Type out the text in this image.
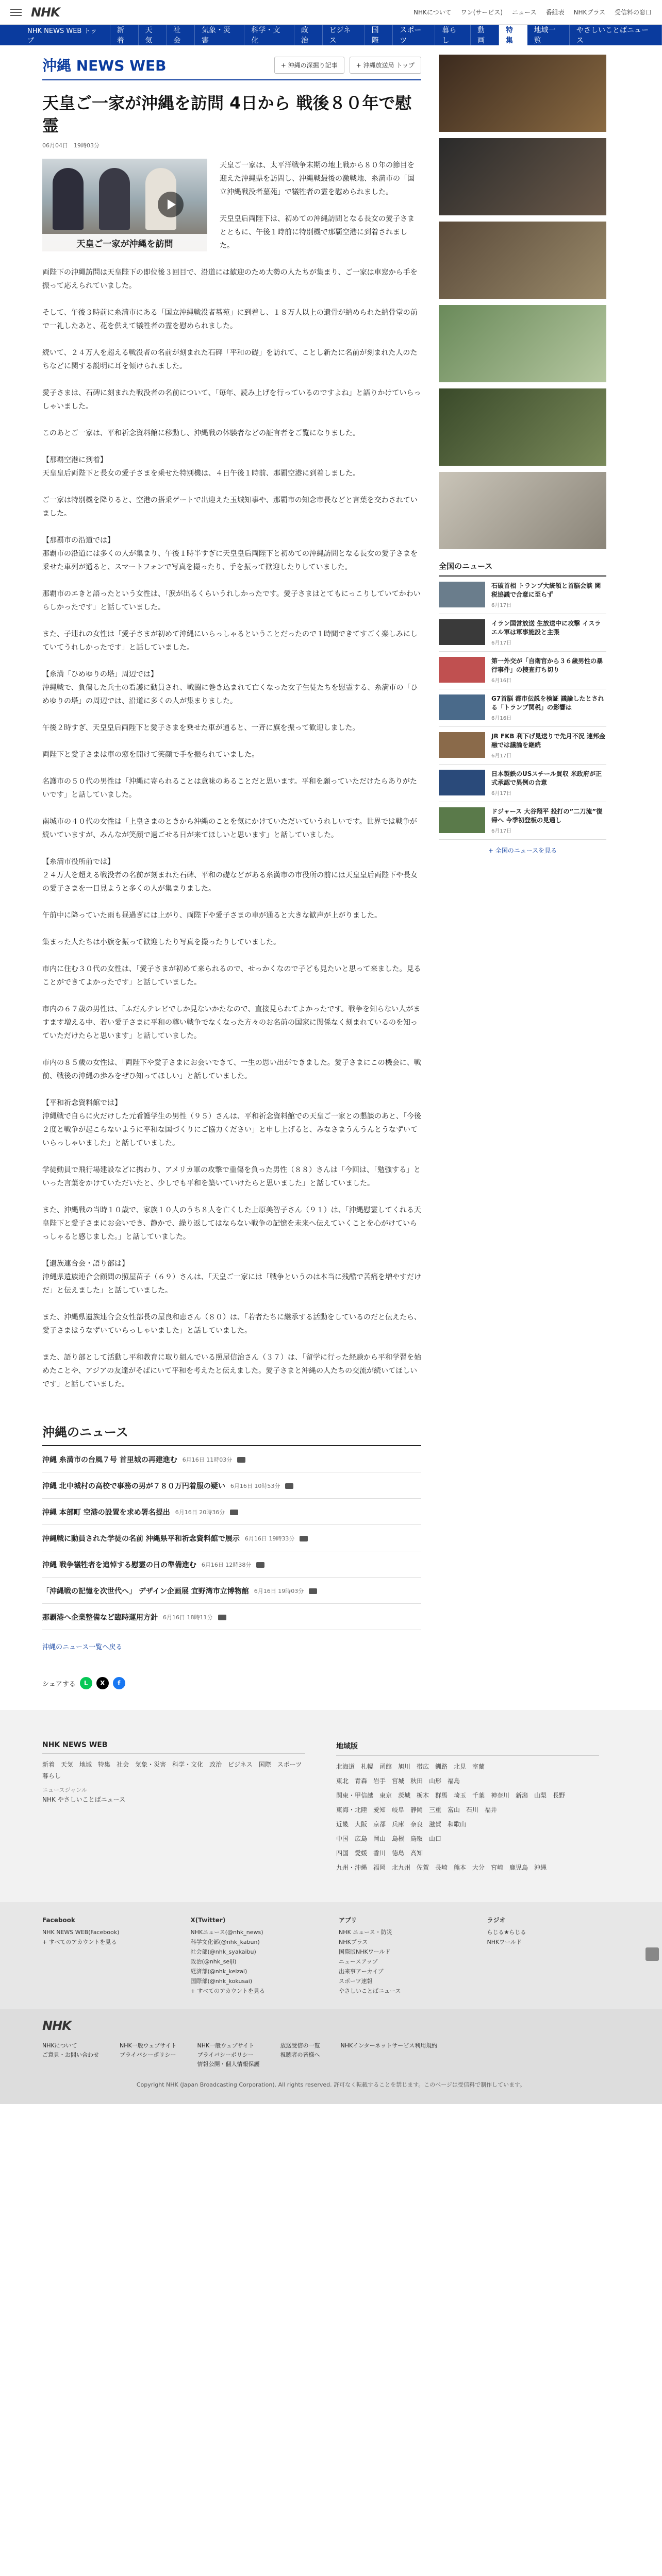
NHK	NHKについて ワン(サービス) ニュース 番組表 NHKプラス 受信料の窓口
NHK NEWS WEB トップ
新着
天気
社会
気象・災害
科学・文化
政治
ビジネス
国際
スポーツ
暮らし
動画
特集
地域一覧
やさしいことばニュース
沖縄 NEWS WEB	+ 沖縄の深掘り記事	+ 沖縄放送局 トップ
天皇ご一家が沖縄を訪問 4日から 戦後８０年で慰霊
06月04日　19時03分
天皇ご一家が沖縄を訪問

天皇ご一家は、太平洋戦争末期の地上戦から８０年の節目を迎えた沖縄県を訪問し、沖縄戦最後の激戦地、糸満市の「国立沖縄戦没者墓苑」で犠牲者の霊を慰められました。

天皇皇后両陛下は、初めての沖縄訪問となる長女の愛子さまとともに、午後１時前に特別機で那覇空港に到着されました。

両陛下の沖縄訪問は天皇陛下の即位後３回目で、沿道には歓迎のため大勢の人たちが集まり、ご一家は車窓から手を振って応えられていました。

そして、午後３時前に糸満市にある「国立沖縄戦没者墓苑」に到着し、１８万人以上の遺骨が納められた納骨堂の前で一礼したあと、花を供えて犠牲者の霊を慰められました。

続いて、２４万人を超える戦没者の名前が刻まれた石碑「平和の礎」を訪れて、ことし新たに名前が刻まれた人のたちなどに関する説明に耳を傾けられました。

愛子さまは、石碑に刻まれた戦没者の名前について、「毎年、読み上げを行っているのですよね」と語りかけていらっしゃいました。

このあとご一家は、平和祈念資料館に移動し、沖縄戦の体験者などの証言者をご覧になりました。

【那覇空港に到着】
天皇皇后両陛下と長女の愛子さまを乗せた特別機は、４日午後１時前、那覇空港に到着しました。

ご一家は特別機を降りると、空港の搭乗ゲートで出迎えた玉城知事や、那覇市の知念市長などと言葉を交わされていました。

【那覇市の沿道では】
那覇市の沿道には多くの人が集まり、午後１時半すぎに天皇皇后両陛下と初めての沖縄訪問となる長女の愛子さまを乗せた車列が通ると、スマートフォンで写真を撮ったり、手を振って歓迎したりしていました。

那覇市のエきと語ったという女性は、「涙が出るくらいうれしかったです。愛子さまはとてもにっこりしていてかわいらしかったです」と話していました。

また、子連れの女性は「愛子さまが初めて沖縄にいらっしゃるということだったので１時間できてすごく楽しみにしていてうれしかったです」と話していました。

【糸満「ひめゆりの塔」周辺では】
沖縄戦で、負傷した兵士の看護に動員され、戦闘に巻き込まれて亡くなった女子生徒たちを慰霊する、糸満市の「ひめゆりの塔」の周辺では、沿道に多くの人が集まりました。

午後２時すぎ、天皇皇后両陛下と愛子さまを乗せた車が通ると、一斉に旗を振って歓迎しました。

両陛下と愛子さまは車の窓を開けて笑顔で手を振られていました。

名護市の５０代の男性は「沖縄に寄られることは意味のあることだと思います。平和を願っていただけたらありがたいです」と話していました。

南城市の４０代の女性は「上皇さまのときから沖縄のことを気にかけていただいていうれしいです。世界では戦争が続いていますが、みんなが笑顔で過ごせる日が来てほしいと思います」と話していました。

【糸満市役所前では】
２４万人を超える戦没者の名前が刻まれた石碑、平和の礎などがある糸満市の市役所の前には天皇皇后両陛下や長女の愛子さまを一目見ようと多くの人が集まりました。

午前中に降っていた雨も昼過ぎには上がり、両陛下や愛子さまの車が通ると大きな歓声が上がりました。

集まった人たちは小旗を振って歓迎したり写真を撮ったりしていました。

市内に住む３０代の女性は、「愛子さまが初めて来られるので、せっかくなので子ども見たいと思って来ました。見ることができてよかったです」と話していました。

市内の６７歳の男性は、「ふだんテレビでしか見ないかたなので、直接見られてよかったです。戦争を知らない人がますます増える中、若い愛子さまに平和の尊い戦争でなくなった方々のお名前の国家に関係なく刻まれているのを知っていただけたらと思います」と話していました。

市内の８５歳の女性は、「両陛下や愛子さまにお会いできて、一生の思い出ができました。愛子さまにこの機会に、戦前、戦後の沖縄の歩みをぜひ知ってほしい」と話していました。

【平和祈念資料館では】
沖縄戦で自らに火だけした元看護学生の男性（９５）さんは、平和祈念資料館での天皇ご一家との懇談のあと、「今後２度と戦争が起こらないように平和な国づくりにご協力ください」と申し上げると、みなさまうんうんとうなずいていらっしゃいました」と話していました。

学徒動員で飛行場建設などに携わり、アメリカ軍の攻撃で重傷を負った男性（８８）さんは「今回は、「勉強する」といった言葉をかけていただいたと、少しでも平和を築いていけたらと思いました」と話していました。

また、沖縄戦の当時１０歳で、家族１０人のうち８人を亡くした上原美智子さん（９１）は、「沖縄慰霊してくれる天皇陛下と愛子さまにお会いでき、静かで、繰り返してはならない戦争の記憶を未来へ伝えていくことを心がけていらっしゃると感じました。」と話していました。

【遺族連合会・語り部は】
沖縄県遺族連合会顧問の照屋苗子（６９）さんは、「天皇ご一家には「戦争というのは本当に残酷で苦痛を増やすだけだ」と伝えました」と話していました。

また、沖縄県遺族連合会女性部長の屋良和恵さん（８０）は、「若者たちに継承する活動をしているのだと伝えたら、愛子さまはうなずいていらっしゃいました」と話していました。

また、語り部として活動し平和教育に取り組んでいる照屋信治さん（３７）は、「留学に行った経験から平和学習を始めたことや、アジアの友達がそばにいて平和を考えたと伝えました。愛子さまと沖縄の人たちの交流が続いてほしいです」と話していました。

沖縄のニュース
沖縄 糸満市の台風７号 首里城の再建進む 6月16日 11時03分
沖縄 北中城村の高校で事務の男が７８０万円着服の疑い 6月16日 10時53分
沖縄 本部町 空港の設置を求め署名提出 6月16日 20時36分
沖縄戦に動員された学徒の名前 沖縄県平和祈念資料館で展示 6月16日 19時33分
沖縄 戦争犠牲者を追悼する慰霊の日の準備進む 6月16日 12時38分
「沖縄戦の記憶を次世代へ」 デザイン企画展 宜野湾市立博物館 6月16日 19時03分
那覇港へ企業整備など臨時運用方針 6月16日 18時11分
沖縄のニュース一覧へ戻る
シェアする	L	X	f
全国のニュース
石破首相 トランプ大統領と首脳会談 関税協議で合意に至らず
6月17日
イラン国営放送 生放送中に攻撃 イスラエル軍は軍事施設と主張
6月17日
第一外交が「自衛官から３６歳男性の暴行事件」の捜査打ち切り
6月16日
G7首脳 都市伝説を検証 議論したとされる「トランプ関税」の影響は
6月16日
JR FKB 利下げ見送りで先月不況 連邦金融では議論を継続
6月17日
日本製鉄のUSスチール買収 米政府が正式承認で異例の合意
6月17日
ドジャース 大谷翔平 投打の”二刀流”復帰へ 今季初登板の見通し
6月17日
+ 全国のニュースを見る
NHK NEWS WEB
新着 天気 地域 特集 社会 気象・災害 科学・文化 政治 ビジネス 国際 スポーツ
暮らし
ニュースジャンル
NHK やさしいことばニュース
地域版
北海道　札幌　函館　旭川　帯広　釧路　北見　室蘭
東北　青森　岩手　宮城　秋田　山形　福島
関東・甲信越　東京　茨城　栃木　群馬　埼玉　千葉　神奈川　新潟　山梨　長野
東海・北陸　愛知　岐阜　静岡　三重　富山　石川　福井
近畿　大阪　京都　兵庫　奈良　滋賀　和歌山
中国　広島　岡山　島根　鳥取　山口
四国　愛媛　香川　徳島　高知
九州・沖縄　福岡　北九州　佐賀　長崎　熊本　大分　宮崎　鹿児島　沖縄
Facebook
NHK NEWS WEB(Facebook)
+ すべてのアカウントを見る
X(Twitter)
NHKニュース(@nhk_news)
科学文化部(@nhk_kabun)
社会部(@nhk_syakaibu)
政治(@nhk_seiji)
経済部(@nhk_keizai)
国際部(@nhk_kokusai)
+ すべてのアカウントを見る
アプリ
NHK ニュース・防災
NHKプラス
国際版NHKワールド
ニュースアップ
出来事アーカイブ
スポーツ速報
やさしいことばニュース
ラジオ
らじる★らじる
NHKワールド
NHK
NHKについて
ご意見・お問い合わせ
NHK一般ウェブサイト
プライバシーポリシー
NHK一般ウェブサイト
プライバシーポリシー
情報公開・個人情報保護
放送受信の一覧
視聴者の皆様へ
NHKインターネットサービス利用規約
Copyright NHK (Japan Broadcasting Corporation). All rights reserved. 許可なく転載することを禁じます。このページは受信料で制作しています。
